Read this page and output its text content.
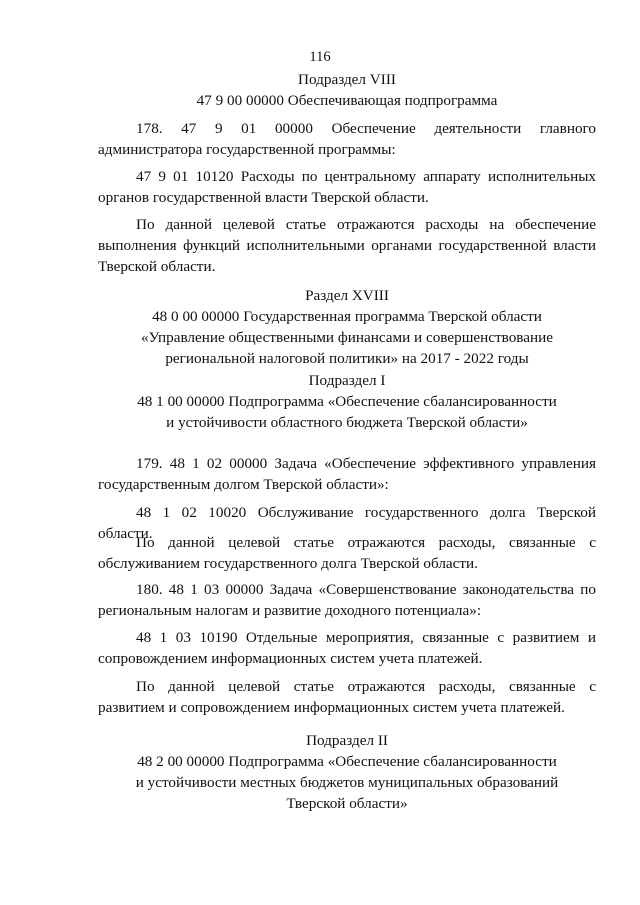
116

Подраздел VIII

47 9 00 00000 Обеспечивающая подпрограмма

178. 47 9 01 00000 Обеспечение деятельности главного администратора государственной программы:

47 9 01 10120 Расходы по центральному аппарату исполнительных органов государственной власти Тверской области.

По данной целевой статье отражаются расходы на обеспечение выполнения функций исполнительными органами государственной власти Тверской области.

Раздел XVIII

48 0 00 00000 Государственная программа Тверской области

«Управление общественными финансами и совершенствование

региональной налоговой политики» на 2017 - 2022 годы

Подраздел I

48 1 00 00000 Подпрограмма «Обеспечение сбалансированности

и устойчивости областного бюджета Тверской области»

179. 48 1 02 00000 Задача «Обеспечение эффективного управления государственным долгом Тверской области»:

48 1 02 10020 Обслуживание государственного долга Тверской области.

По данной целевой статье отражаются расходы, связанные с обслуживанием государственного долга Тверской области.

180. 48 1 03 00000 Задача «Совершенствование законодательства по региональным налогам и развитие доходного потенциала»:

48 1 03 10190 Отдельные мероприятия, связанные с развитием и сопровождением информационных систем учета платежей.

По данной целевой статье отражаются расходы, связанные с развитием и сопровождением информационных систем учета платежей.

Подраздел II

48 2 00 00000 Подпрограмма «Обеспечение сбалансированности

и устойчивости местных бюджетов муниципальных образований

Тверской области»
